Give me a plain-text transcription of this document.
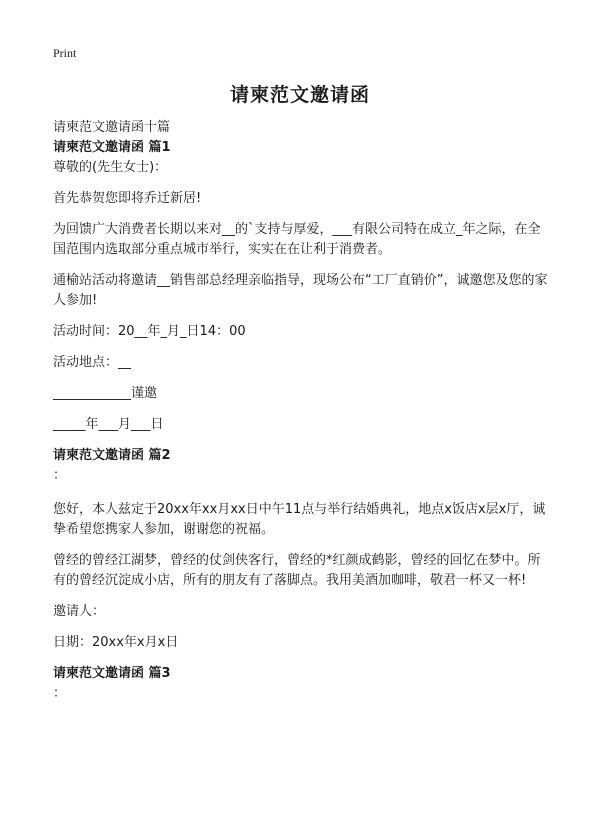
Print
请柬范文邀请函

请柬范文邀请函十篇

请柬范文邀请函 篇1

尊敬的(先生女士)：

首先恭贺您即将乔迁新居!

为回馈广大消费者长期以来对__的`支持与厚爱，___有限公司特在成立_年之际，在全国范围内选取部分重点城市举行，实实在在让利于消费者。

通榆站活动将邀请__销售部总经理亲临指导，现场公布“工厂直销价”，诚邀您及您的家人参加!

活动时间：20__年_月_日14：00

活动地点：__

____________谨邀

_____年___月___日

请柬范文邀请函 篇2

：

您好，本人兹定于20xx年xx月xx日中午11点与举行结婚典礼，地点x饭店x层x厅，诚挚希望您携家人参加，谢谢您的祝福。

曾经的曾经江湖梦，曾经的仗剑侠客行，曾经的*红颜成鹤影，曾经的回忆在梦中。所有的曾经沉淀成小店，所有的朋友有了落脚点。我用美酒加咖啡，敬君一杯又一杯!

邀请人：

日期：20xx年x月x日

请柬范文邀请函 篇3

：
